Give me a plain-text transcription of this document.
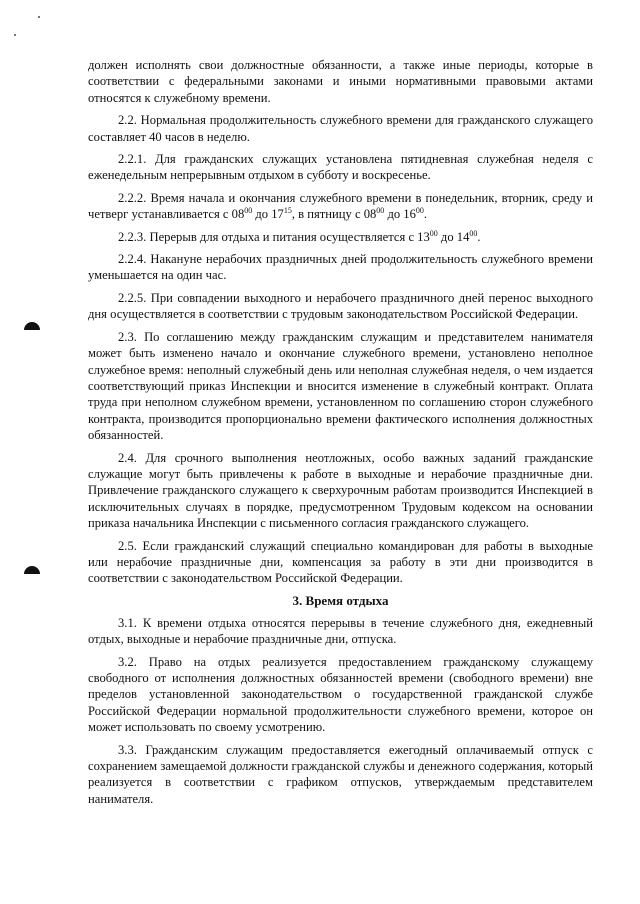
должен исполнять свои должностные обязанности, а также иные периоды, которые в соответствии с федеральными законами и иными нормативными правовыми актами относятся к служебному времени.

2.2. Нормальная продолжительность служебного времени для гражданского служащего составляет 40 часов в неделю.

2.2.1. Для гражданских служащих установлена пятидневная служебная неделя с еженедельным непрерывным отдыхом в субботу и воскресенье.

2.2.2. Время начала и окончания служебного времени в понедельник, вторник, среду и четверг устанавливается с $08^{00}$ до $17^{15}$, в пятницу с $08^{00}$ до $16^{00}$.

2.2.3. Перерыв для отдыха и питания осуществляется с $13^{00}$ до $14^{00}$.

2.2.4. Накануне нерабочих праздничных дней продолжительность служебного времени уменьшается на один час.

2.2.5. При совпадении выходного и нерабочего праздничного дней перенос выходного дня осуществляется в соответствии с трудовым законодательством Российской Федерации.

2.3. По соглашению между гражданским служащим и представителем нанимателя может быть изменено начало и окончание служебного времени, установлено неполное служебное время: неполный служебный день или неполная служебная неделя, о чем издается соответствующий приказ Инспекции и вносится изменение в служебный контракт. Оплата труда при неполном служебном времени, установленном по соглашению сторон служебного контракта, производится пропорционально времени фактического исполнения должностных обязанностей.

2.4. Для срочного выполнения неотложных, особо важных заданий гражданские служащие могут быть привлечены к работе в выходные и нерабочие праздничные дни. Привлечение гражданского служащего к сверхурочным работам производится Инспекцией в исключительных случаях в порядке, предусмотренном Трудовым кодексом на основании приказа начальника Инспекции с письменного согласия гражданского служащего.

2.5. Если гражданский служащий специально командирован для работы в выходные или нерабочие праздничные дни, компенсация за работу в эти дни производится в соответствии с законодательством Российской Федерации.

3. Время отдыха

3.1. К времени отдыха относятся перерывы в течение служебного дня, ежедневный отдых, выходные и нерабочие праздничные дни, отпуска.

3.2. Право на отдых реализуется предоставлением гражданскому служащему свободного от исполнения должностных обязанностей времени (свободного времени) вне пределов установленной законодательством о государственной гражданской службе Российской Федерации нормальной продолжительности служебного времени, которое он может использовать по своему усмотрению.

3.3. Гражданским служащим предоставляется ежегодный оплачиваемый отпуск с сохранением замещаемой должности гражданской службы и денежного содержания, который реализуется в соответствии с графиком отпусков, утверждаемым представителем нанимателя.
